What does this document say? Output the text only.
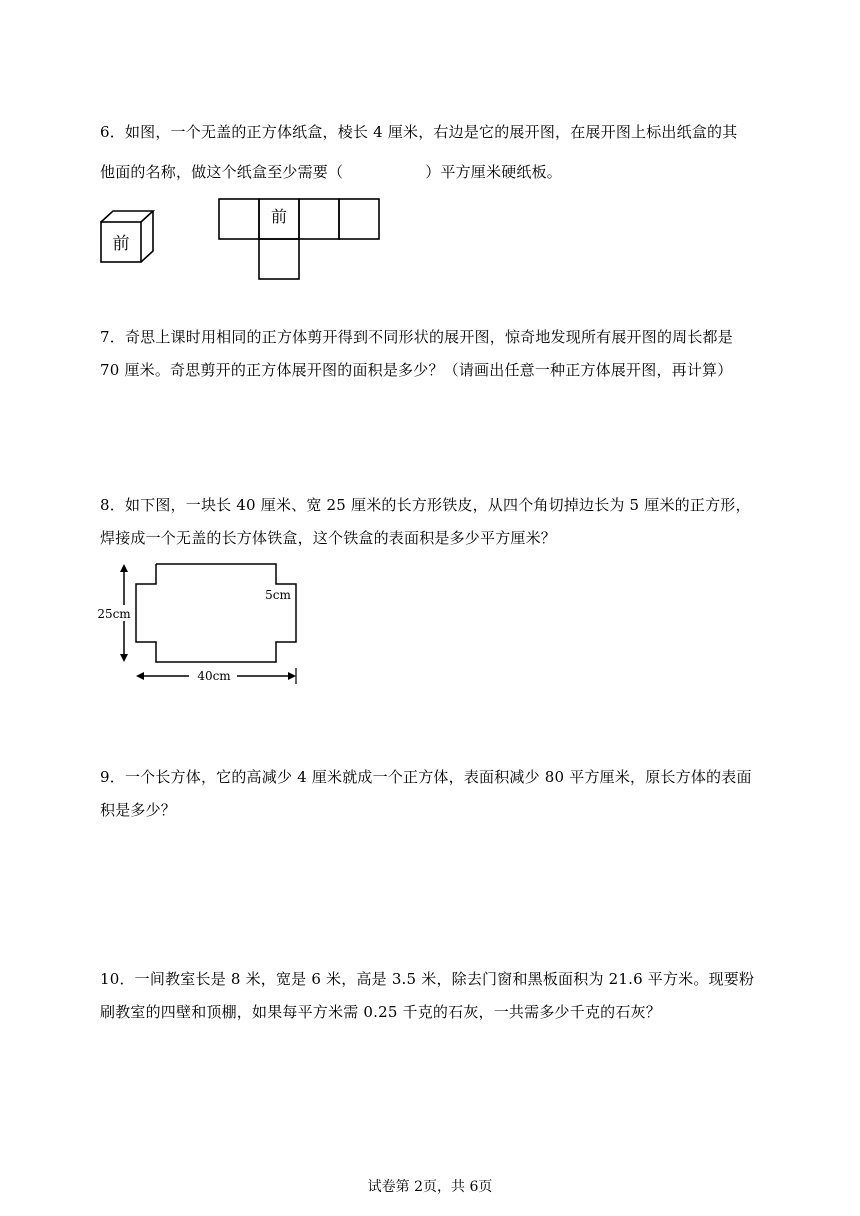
6．如图，一个无盖的正方体纸盒，棱长 4 厘米，右边是它的展开图，在展开图上标出纸盒的其
他面的名称，做这个纸盒至少需要（	）平方厘米硬纸板。
前
前
7．奇思上课时用相同的正方体剪开得到不同形状的展开图，惊奇地发现所有展开图的周长都是
70 厘米。奇思剪开的正方体展开图的面积是多少？（请画出任意一种正方体展开图，再计算）
8．如下图，一块长 40 厘米、宽 25 厘米的长方形铁皮，从四个角切掉边长为 5 厘米的正方形，
焊接成一个无盖的长方体铁盒，这个铁盒的表面积是多少平方厘米？
25cm
40cm
5cm
9．一个长方体，它的高减少 4 厘米就成一个正方体，表面积减少 80 平方厘米，原长方体的表面
积是多少？
10．一间教室长是 8 米，宽是 6 米，高是 3.5 米，除去门窗和黑板面积为 21.6 平方米。现要粉
刷教室的四壁和顶棚，如果每平方米需 0.25 千克的石灰，一共需多少千克的石灰？
试卷第 2页，共 6页
